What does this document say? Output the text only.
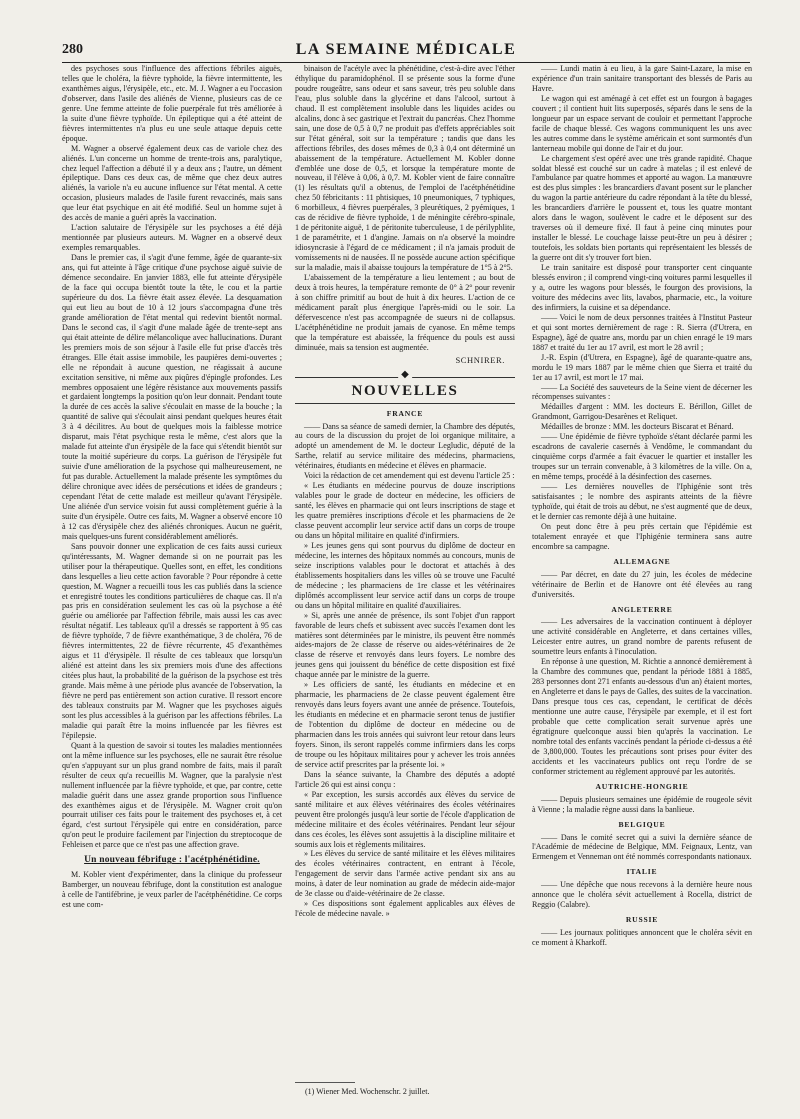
280	LA SEMAINE MÉDICALE

des psychoses sous l'influence des affections fébriles aiguës, telles que le choléra, la fièvre typhoïde, la fièvre intermittente, les exanthèmes aigus, l'érysipèle, etc., etc. M. J. Wagner a eu l'occasion d'observer, dans l'asile des aliénés de Vienne, plusieurs cas de ce genre. Une femme atteinte de folie puerpérale fut très améliorée à la suite d'une fièvre typhoïde. Un épileptique qui a été atteint de fièvres intermittentes n'a plus eu une seule attaque depuis cette époque.

M. Wagner a observé également deux cas de variole chez des aliénés. L'un concerne un homme de trente-trois ans, paralytique, chez lequel l'affection a débuté il y a deux ans ; l'autre, un dément épileptique. Dans ces deux cas, de même que chez deux autres aliénés, la variole n'a eu aucune influence sur l'état mental. A cette occasion, plusieurs malades de l'asile furent revaccinés, mais sans que leur état psychique en ait été modifié. Seul un homme sujet à des accès de manie a guéri après la vaccination.

L'action salutaire de l'érysipèle sur les psychoses a été déjà mentionnée par plusieurs auteurs. M. Wagner en a observé deux exemples remarquables.

Dans le premier cas, il s'agit d'une femme, âgée de quarante-six ans, qui fut atteinte à l'âge critique d'une psychose aiguë suivie de démence secondaire. En janvier 1883, elle fut atteinte d'érysipèle de la face qui occupa bientôt toute la tête, le cou et la partie supérieure du dos. La fièvre était assez élevée. La desquamation qui eut lieu au bout de 10 à 12 jours s'accompagna d'une très grande amélioration de l'état mental qui redevint bientôt normal. Dans le second cas, il s'agit d'une malade âgée de trente-sept ans qui était atteinte de délire mélancolique avec hallucinations. Durant les premiers mois de son séjour à l'asile elle fut prise d'accès très étranges. Elle était assise immobile, les paupières demi-ouvertes ; elle ne répondait à aucune question, ne réagissait à aucune excitation sensitive, ni même aux piqûres d'épingle profondes. Les membres opposaient une légère résistance aux mouvements passifs et gardaient longtemps la position qu'on leur donnait. Pendant toute la durée de ces accès la salive s'écoulait en masse de la bouche ; la quantité de salive qui s'écoulait ainsi pendant quelques heures était 3 à 4 décilitres. Au bout de quelques mois la faiblesse motrice disparut, mais l'état psychique resta le même, c'est alors que la malade fut atteinte d'un érysipèle de la face qui s'étendit bientôt sur toute la moitié supérieure du corps. La guérison de l'érysipèle fut suivie d'une amélioration de la psychose qui malheureusement, ne fut pas durable. Actuellement la malade présente les symptômes du délire chronique avec idées de persécutions et idées de grandeurs ; cependant l'état de cette malade est meilleur qu'avant l'érysipèle. Une aliénée d'un service voisin fut aussi complètement guérie à la suite d'un érysipèle. Outre ces faits, M. Wagner a observé encore 10 à 12 cas d'érysipèle chez des aliénés chroniques. Aucun ne guérit, mais quelques-uns furent considérablement améliorés.

Sans pouvoir donner une explication de ces faits aussi curieux qu'intéressants, M. Wagner demande si on ne pourrait pas les utiliser pour la thérapeutique. Quelles sont, en effet, les conditions dans lesquelles a lieu cette action favorable ? Pour répondre à cette question, M. Wagner a recueilli tous les cas publiés dans la science et enregistré toutes les conditions particulières de chaque cas. Il n'a pas pris en considération seulement les cas où la psychose a été guérie ou améliorée par l'affection fébrile, mais aussi les cas avec résultat négatif. Les tableaux qu'il a dressés se rapportent à 95 cas de fièvre typhoïde, 7 de fièvre exanthématique, 3 de choléra, 76 de fièvres intermittentes, 22 de fièvre récurrente, 45 d'exanthèmes aigus et 11 d'érysipèle. Il résulte de ces tableaux que lorsqu'un aliéné est atteint dans les six premiers mois d'une des affections citées plus haut, la probabilité de la guérison de la psychose est très grande. Mais même à une période plus avancée de l'observation, la fièvre ne perd pas entièrement son action curative. Il ressort encore des tableaux construits par M. Wagner que les psychoses aiguës sont les plus accessibles à la guérison par les affections fébriles. La maladie qui paraît être la moins influencée par les fièvres est l'épilepsie.

Quant à la question de savoir si toutes les maladies mentionnées ont la même influence sur les psychoses, elle ne saurait être résolue qu'en s'appuyant sur un plus grand nombre de faits, mais il paraît résulter de ceux qu'a recueillis M. Wagner, que la paralysie n'est nullement influencée par la fièvre typhoïde, et que, par contre, cette maladie guérit dans une assez grande proportion sous l'influence des exanthèmes aigus et de l'érysipèle. M. Wagner croit qu'on pourrait utiliser ces faits pour le traitement des psychoses et, à cet égard, c'est surtout l'érysipèle qui entre en considération, parce qu'on peut le produire facilement par l'injection du streptocoque de Fehleisen et parce que ce n'est pas une affection grave.

Un nouveau fébrifuge : l'acétphénétidine.

M. Kobler vient d'expérimenter, dans la clinique du professeur Bamberger, un nouveau fébrifuge, dont la constitution est analogue à celle de l'antifébrine, je veux parler de l'acétphénétidine. Ce corps est une com-

binaison de l'acétyle avec la phénétidine, c'est-à-dire avec l'éther éthylique du paramidophénol. Il se présente sous la forme d'une poudre rougeâtre, sans odeur et sans saveur, très peu soluble dans l'eau, plus soluble dans la glycérine et dans l'alcool, surtout à chaud. Il est complètement insoluble dans les liquides acides ou alcalins, donc à sec gastrique et l'extrait du pancréas. Chez l'homme sain, une dose de 0,5 à 0,7 ne produit pas d'effets appréciables soit sur l'état général, soit sur la température ; tandis que dans les affections fébriles, des doses mêmes de 0,3 à 0,4 ont déterminé un abaissement de la température. Actuellement M. Kobler donne d'emblée une dose de 0,5, et lorsque la température monte de nouveau, il l'élève à 0,06, à 0,7. M. Kobler vient de faire connaître (1) les résultats qu'il a obtenus, de l'emploi de l'acétphénétidine chez 50 fébricitants : 11 phtisiques, 10 pneumoniques, 7 typhiques, 6 morbilleux, 4 fièvres puerpérales, 3 pleurétiques, 2 pyémiques, 1 cas de récidive de fièvre typhoïde, 1 de méningite cérébro-spinale, 1 de péritonite aiguë, 1 de péritonite tuberculeuse, 1 de périlyphlite, 1 de paramétrite, et 1 d'angine. Jamais on n'a observé la moindre idiosyncrasie à l'égard de ce médicament ; il n'a jamais produit de vomissements ni de nausées. Il ne possède aucune action spécifique sur la maladie, mais il abaisse toujours la température de 1°5 à 2°5.

L'abaissement de la température a lieu lentement ; au bout de deux à trois heures, la température remonte de 0° à 2° pour revenir à son chiffre primitif au bout de huit à dix heures. L'action de ce médicament paraît plus énergique l'après-midi ou le soir. La défervescence n'est pas accompagnée de sueurs ni de collapsus. L'acétphénétidine ne produit jamais de cyanose. En même temps que la température est abaissée, la fréquence du pouls est aussi diminuée, mais sa tension est augmentée.

SCHNIRER.
◆
NOUVELLES
FRANCE

—— Dans sa séance de samedi dernier, la Chambre des députés, au cours de la discussion du projet de loi organique militaire, a adopté un amendement de M. le docteur Legludic, député de la Sarthe, relatif au service militaire des médecins, pharmaciens, vétérinaires, étudiants en médecine et élèves en pharmacie.

Voici la rédaction de cet amendement qui est devenu l'article 25 :

« Les étudiants en médecine pourvus de douze inscriptions valables pour le grade de docteur en médecine, les officiers de santé, les élèves en pharmacie qui ont leurs inscriptions de stage et les quatre premières inscriptions d'école et les pharmaciens de 2e classe peuvent accomplir leur service actif dans un corps de troupe ou dans un hôpital militaire en qualité d'infirmiers.

» Les jeunes gens qui sont pourvus du diplôme de docteur en médecine, les internes des hôpitaux nommés au concours, munis de seize inscriptions valables pour le doctorat et attachés à des établissements hospitaliers dans les villes où se trouve une Faculté de médecine ; les pharmaciens de 1re classe et les vétérinaires diplômés accomplissent leur service actif dans un corps de troupe ou dans un hôpital militaire en qualité d'auxiliaires.

» Si, après une année de présence, ils sont l'objet d'un rapport favorable de leurs chefs et subissent avec succès l'examen dont les matières sont déterminées par le ministre, ils peuvent être nommés aides-majors de 2e classe de réserve ou aides-vétérinaires de 2e classe de réserve et renvoyés dans leurs foyers. Le nombre des jeunes gens qui jouissent du bénéfice de cette disposition est fixé chaque année par le ministre de la guerre.

» Les officiers de santé, les étudiants en médecine et en pharmacie, les pharmaciens de 2e classe peuvent également être renvoyés dans leurs foyers avant une année de présence. Toutefois, les étudiants en médecine et en pharmacie seront tenus de justifier de l'obtention du diplôme de docteur en médecine ou de pharmacien dans les trois années qui suivront leur retour dans leurs foyers. Sinon, ils seront rappelés comme infirmiers dans les corps de troupe ou les hôpitaux militaires pour y achever les trois années de service actif prescrites par la présente loi. »

Dans la séance suivante, la Chambre des députés a adopté l'article 26 qui est ainsi conçu :

« Par exception, les sursis accordés aux élèves du service de santé militaire et aux élèves vétérinaires des écoles vétérinaires peuvent être prolongés jusqu'à leur sortie de l'école d'application de médecine militaire et des écoles vétérinaires. Pendant leur séjour dans ces écoles, les élèves sont assujettis à la discipline militaire et soumis aux lois et règlements militaires.

» Les élèves du service de santé militaire et les élèves militaires des écoles vétérinaires contractent, en entrant à l'école, l'engagement de servir dans l'armée active pendant six ans au moins, à dater de leur nomination au grade de médecin aide-major de 3e classe ou d'aide-vétérinaire de 2e classe.

» Ces dispositions sont également applicables aux élèves de l'école de médecine navale. »

—— Lundi matin à eu lieu, à la gare Saint-Lazare, la mise en expérience d'un train sanitaire transportant des blessés de Paris au Havre.

Le wagon qui est aménagé à cet effet est un fourgon à bagages couvert ; il contient huit lits superposés, séparés dans le sens de la longueur par un espace servant de couloir et permettant l'approche facile de chaque blessé. Ces wagons communiquent les uns avec les autres comme dans le système américain et sont surmontés d'un lanterneau mobile qui donne de l'air et du jour.

Le chargement s'est opéré avec une très grande rapidité. Chaque soldat blessé est couché sur un cadre à matelas ; il est enlevé de l'ambulance par quatre hommes et apporté au wagon. La manœuvre est des plus simples : les brancardiers d'avant posent sur le plancher du wagon la partie antérieure du cadre répondant à la tête du blessé, les brancardiers d'arrière le poussent et, tous les quatre montant alors dans le wagon, soulèvent le cadre et le déposent sur des traverses où il demeure fixé. Il faut à peine cinq minutes pour installer le blessé. Le couchage laisse peut-être un peu à désirer ; toutefois, les soldats bien portants qui représentaient les blessés de la guerre ont dit s'y trouver fort bien.

Le train sanitaire est disposé pour transporter cent cinquante blessés environ ; il comprend vingt-cinq voitures parmi lesquelles il y a, outre les wagons pour blessés, le fourgon des provisions, la voiture des médecins avec lits, lavabos, pharmacie, etc., la voiture des infirmiers, la cuisine et sa dépendance.

—— Voici le nom de deux personnes traitées à l'Institut Pasteur et qui sont mortes dernièrement de rage : R. Sierra (d'Utrera, en Espagne), âgé de quatre ans, mordu par un chien enragé le 19 mars 1887 et traité du 1er au 17 avril, est mort le 28 avril ;

J.-R. Espin (d'Utrera, en Espagne), âgé de quarante-quatre ans, mordu le 19 mars 1887 par le même chien que Sierra et traité du 1er au 17 avril, est mort le 17 mai.

—— La Société des sauveteurs de la Seine vient de décerner les récompenses suivantes :

Médailles d'argent : MM. les docteurs E. Bérillon, Gillet de Grandmont, Garrigou-Desarènes et Reliquet.

Médailles de bronze : MM. les docteurs Biscarat et Bénard.

—— Une épidémie de fièvre typhoïde s'étant déclarée parmi les escadrons de cavalerie casernés à Vendôme, le commandant du cinquième corps d'armée a fait évacuer le quartier et installer les troupes sur un terrain convenable, à 3 kilomètres de la ville. On a, en même temps, procédé à la désinfection des casernes.

—— Les dernières nouvelles de l'Iphigénie sont très satisfaisantes ; le nombre des aspirants atteints de la fièvre typhoïde, qui était de trois au début, ne s'est augmenté que de deux, et le dernier cas remonte déjà à une huitaine.

On peut donc être à peu près certain que l'épidémie est totalement enrayée et que l'Iphigénie terminera sans autre encombre sa campagne.

ALLEMAGNE

—— Par décret, en date du 27 juin, les écoles de médecine vétérinaire de Berlin et de Hanovre ont été élevées au rang d'universités.

ANGLETERRE

—— Les adversaires de la vaccination continuent à déployer une activité considérable en Angleterre, et dans certaines villes, Leicester entre autres, un grand nombre de parents refusent de soumettre leurs enfants à l'inoculation.

En réponse à une question, M. Richtie a annoncé dernièrement à la Chambre des communes que, pendant la période 1881 à 1885, 283 personnes dont 271 enfants au-dessous d'un an) étaient mortes, en Angleterre et dans le pays de Galles, des suites de la vaccination. Dans presque tous ces cas, cependant, le certificat de décès mentionne une autre cause, l'érysipèle par exemple, et il est fort probable que cette complication serait survenue après une égratignure quelconque aussi bien qu'après la vaccination. Le nombre total des enfants vaccinés pendant la période ci-dessus a été de 3,800,000. Toutes les précautions sont prises pour éviter des accidents et les vaccinateurs publics ont reçu l'ordre de se conformer strictement au règlement approuvé par les autorités.

AUTRICHE-HONGRIE

—— Depuis plusieurs semaines une épidémie de rougeole sévit à Vienne ; la maladie règne aussi dans la banlieue.

BELGIQUE

—— Dans le comité secret qui a suivi la dernière séance de l'Académie de médecine de Belgique, MM. Feignaux, Lentz, van Ermengem et Venneman ont été nommés correspondants nationaux.

ITALIE

—— Une dépêche que nous recevons à la dernière heure nous annonce que le choléra sévit actuellement à Rocella, district de Reggio (Calabre).

RUSSIE

—— Les journaux politiques annoncent que le choléra sévit en ce moment à Kharkoff.

(1) Wiener Med. Wochenschr. 2 juillet.
